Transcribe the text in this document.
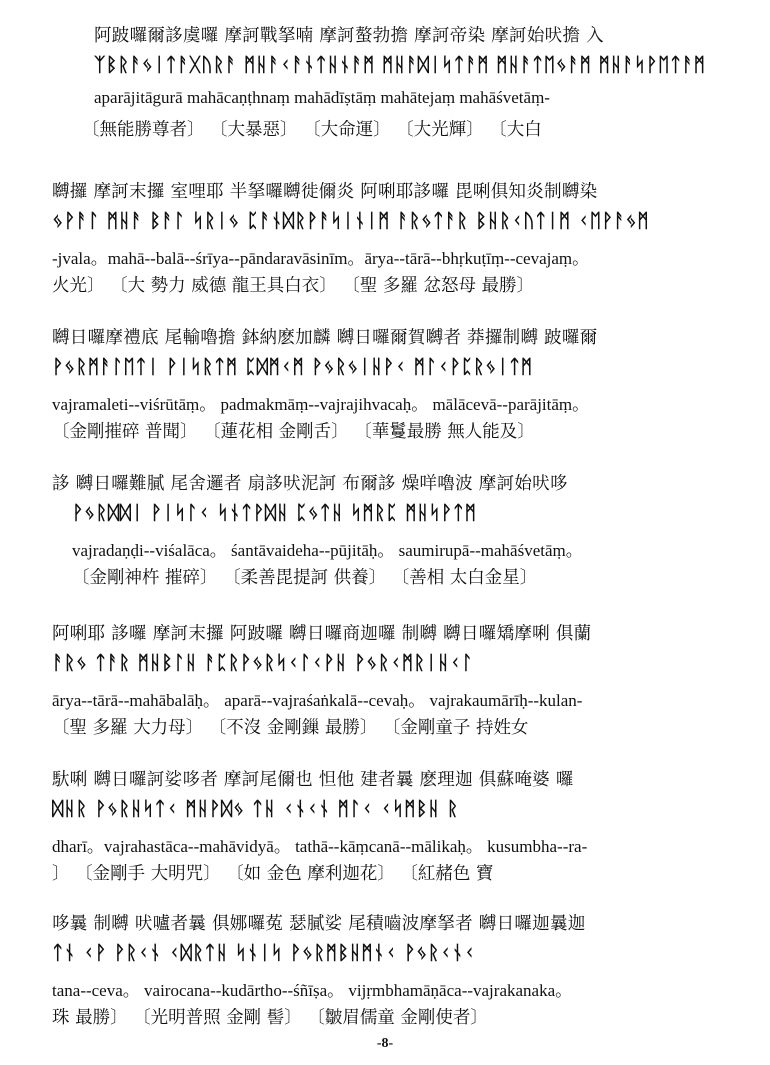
阿跛囉爾誃虞囉 摩訶戰拏喃 摩訶螯勃擔 摩訶帝染 摩訶始吠擔 入
ᛉᛒᚱᚨᛃᛁᛏᚨᚷᚢᚱᚨ ᛗᚺᚨᚲᚨᚾᛏᚺᚾᚨᛗ ᛗᚺᚨᛞᛁᛋᛏᚨᛗ ᛗᚺᚨᛏᛖᛃᚨᛗ ᛗᚺᚨᛋᚹᛖᛏᚨᛗ
aparājitāgurā mahācaṇṭhnaṃ mahādīṣtāṃ mahātejaṃ mahāśvetāṃ-
〔無能勝尊者〕 〔大暴惡〕 〔大命運〕 〔大光輝〕 〔大白
嚩攞 摩訶末攞 室哩耶 半拏囉嚩徙儞炎 阿唎耶誃囉 毘唎俱知炎制嚩染
ᛃᚹᚨᛚ ᛗᚺᚨ ᛒᚨᛚ ᛋᚱᛁᛃ ᛈᚨᚾᛞᚱᚹᚨᛋᛁᚾᛁᛗ ᚨᚱᛃᛏᚨᚱ ᛒᚺᚱᚲᚢᛏᛁᛗ ᚲᛖᚹᚨᛃᛗ
-jvala。mahā--balā--śrīya--pāndaravāsinīm。ārya--tārā--bhṛkuṭīṃ--cevajaṃ。
火光〕 〔大 勢力 威德 龍王具白衣〕 〔聖 多羅 忿怒母 最勝〕
嚩日囉摩禮底 尾輸嚕擔 鉢納麽加麟 嚩日囉爾賀嚩者 莽攞制嚩 跛囉爾
ᚹᛃᚱᛗᚨᛚᛖᛏᛁ ᚹᛁᛋᚱᛏᛗ ᛈᛞᛗᚲᛗ ᚹᛃᚱᛃᛁᚺᚹᚲ ᛗᛚᚲᚹᛈᚱᛃᛁᛏᛗ
vajramaleti--viśrūtāṃ。 padmakmāṃ--vajrajihvacaḥ。 mālācevā--parājitāṃ。
〔金剛摧碎 普聞〕 〔蓮花相 金剛舌〕 〔華鬘最勝 無人能及〕
誃 嚩日囉難膩 尾舍邏者 扇誃吠泥訶 布爾誃 燥咩嚕波 摩訶始吠哆
ᚹᛃᚱᛞᛞᛁ ᚹᛁᛋᛚᚲ ᛋᚾᛏᚹᛞᚺ ᛈᛃᛏᚺ ᛋᛗᚱᛈ ᛗᚺᛋᚹᛏᛗ
vajradaṇḍi--viśalāca。 śantāvaideha--pūjitāḥ。 saumirupā--mahāśvetāṃ。
〔金剛神杵 摧碎〕 〔柔善毘提訶 供養〕 〔善相 太白金星〕
阿唎耶 誃囉 摩訶末攞 阿跛囉 嚩日囉商迦囉 制嚩 嚩日囉矯摩唎 俱蘭
ᚨᚱᛃ ᛏᚨᚱ ᛗᚺᛒᛚᚺ ᚨᛈᚱᚹᛃᚱᛋᚲᛚᚲᚹᚺ ᚹᛃᚱᚲᛗᚱᛁᚺᚲᛚ
ārya--tārā--mahābalāḥ。 aparā--vajraśaṅkalā--cevaḥ。 vajrakaumārīḥ--kulan-
〔聖 多羅 大力母〕 〔不沒 金剛鏁 最勝〕 〔金剛童子 持姓女
馱唎 嚩日囉訶娑哆者 摩訶尾儞也 怛他 建者曩 麽理迦 俱蘇唵婆 囉
ᛞᚺᚱ ᚹᛃᚱᚺᛋᛏᚲ ᛗᚺᚹᛞᛃ ᛏᚺ ᚲᚾᚲᚾ ᛗᛚᚲ ᚲᛋᛗᛒᚺ ᚱ
dharī。vajrahastāca--mahāvidyā。 tathā--kāṃcanā--mālikaḥ。 kusumbha--ra-
〕 〔金剛手 大明咒〕 〔如 金色 摩利迦花〕 〔紅赭色 寶
哆曩 制嚩 吠嚧者曩 俱娜囉菟 瑟膩娑 尾積嚙波摩拏者 嚩日囉迦曩迦
ᛏᚾ ᚲᚹ ᚹᚱᚲᚾ ᚲᛞᚱᛏᚺ ᛋᚾᛁᛋ ᚹᛃᚱᛗᛒᚺᛗᚾᚲ ᚹᛃᚱᚲᚾᚲ
tana--ceva。 vairocana--kudārtho--śñīṣa。 vijṛmbhamāṇāca--vajrakanaka。
珠 最勝〕 〔光明普照 金剛 髻〕 〔皺眉儒童 金剛使者〕
-8-
